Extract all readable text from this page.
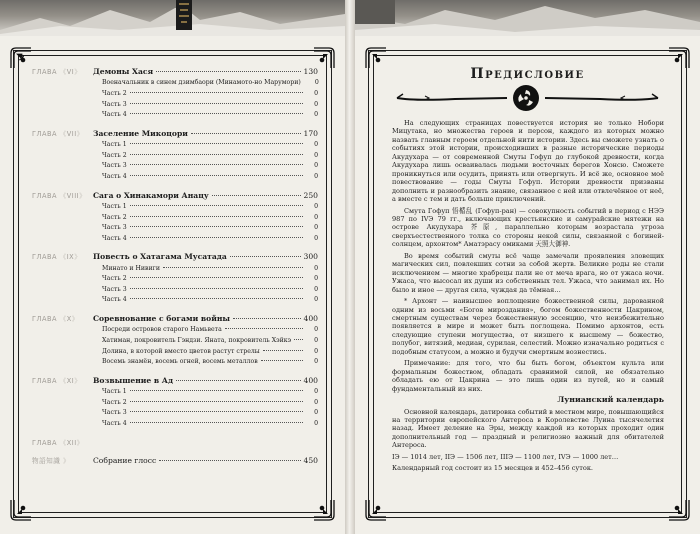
ГЛАВА 《VI》	Демоны Хася	130
Военачальник в синем дзимбаори (Минамото-но Марумори)	0
Часть 2	0
Часть 3	0
Часть 4	0
ГЛАВА 《VII》	Заселение Микоцори	170
Часть 1	0
Часть 2	0
Часть 3	0
Часть 4	0
ГЛАВА 《VIII》 Сага о Хинакамори Анацу	250
Часть 1	0
Часть 2	0
Часть 3	0
Часть 4	0
ГЛАВА 《IX》	Повесть о Хатагама Мусатада	300
Минато и Нивиги	0
Часть 2	0
Часть 3	0
Часть 4	0
ГЛАВА 《X》	Соревнование с богами войны	400
Посреди островов старого Намьвета	0
Хатиман, покровитель Гэндзи. Яната, покровитель Хэйкэ	0
Долина, в которой вместо цветов растут стрелы	0
Восемь знамён, восемь огней, восемь металлов	0
ГЛАВА 《XI》	Возвышение в Ад	400
Часть 1	0
Часть 2	0
Часть 3	0
Часть 4	0
ГЛАВА 《XII》
物語知識 》	Собрание глосс	450
Предисловие

На следующих страницах повествуется история не только Нобори Мицутака, но множества героев и персон, каждого из которых можно назвать главным героем отдельной нити истории. Здесь вы сможете узнать о событиях этой истории, происходивших в разные исторические периоды Акудухара — от современной Смуты Гофуп до глубокой древности, когда Акудухара лишь осваивалась людьми восточных берегов Хонсю. Сможете проникнуться или осудить, принять или отвергнуть. И всё же, основное моё повествование — годы Смуты Гофуп. Истории древности призваны дополнить и разнообразить знание, связанное с ней или отвлечённое от неё, а вместе с тем и дать больше приключений.

Смута Гофуп 悟楯乱 (Гофуп-ран) — совокупность событий в период с НЭЭ 987 по IVЭ 79 гг., включающих крестьянские и самурайские мятежи на острове Акудухара 芥原, параллельно которым возрастала угроза сверхъестественного толка со стороны некой силы, связанной с богиней-солнцем, архонтом* Аматэрасу омиками 天照大御神.

Во время событий смуты всё чаще замечали проявления зловещих магических сил, повлекших сотни за собой жертв. Великие роды не стали исключением — многие храбрецы пали не от меча врага, но от ужаса ночи. Ужаса, что высосал их души из собственных тел. Ужаса, что занимал их. Но было и иное — другая сила, чуждая да тёмная…

* Архонт — наивысшее воплощение божественной силы, дарованной одним из восьми «Богов мироздания», богом божественности Цакрином, смертным существам через божественную эссенцию, что неизбежительно появляется в мире и может быть поглощена. Помимо архонтов, есть следующие ступени могущества, от низшего к высшему — божество, полубог, витязий, медиан, сурилан, селестий. Можно изначально родиться с подобным статусом, а можно и будучи смертным вознестись.

Примечание: для того, что бы быть богом, объектом культа или формальным божеством, обладать сравнимой силой, не обязательно обладать ею от Цакрина — это лишь один из путей, но и самый фундаментальный из них.

Лунианский календарь

Основной календарь, датировка событий в местном мире, повышающийся на территории европейского Антероса в Королевстве Луина тысячелетия назад. Имеет деление на Эры, между каждой из которых проходит один дополнительный год — праздный и религиозно важный для обитателей Антероса.

IЭ — 1014 лет, IIЭ — 1506 лет, IIIЭ — 1100 лет, IVЭ — 1000 лет…

Календарный год состоит из 15 месяцев и 452–456 суток.
